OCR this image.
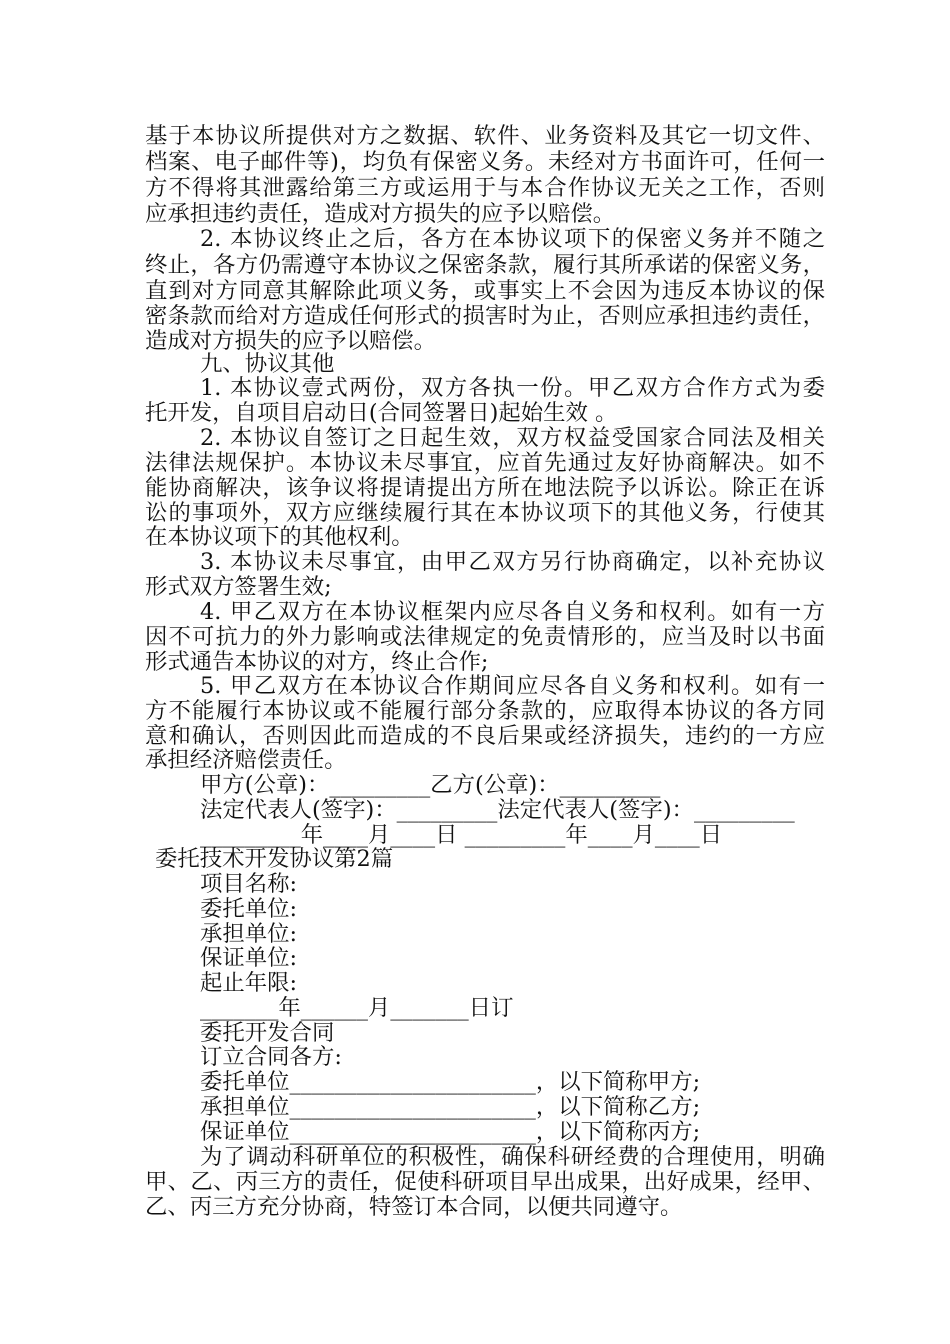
基于本协议所提供对方之数据、软件、业务资料及其它一切文件、
档案、电子邮件等)，均负有保密义务。未经对方书面许可，任何一
方不得将其泄露给第三方或运用于与本合作协议无关之工作，否则
应承担违约责任，造成对方损失的应予以赔偿。
2. 本协议终止之后，各方在本协议项下的保密义务并不随之
终止，各方仍需遵守本协议之保密条款，履行其所承诺的保密义务，
直到对方同意其解除此项义务，或事实上不会因为违反本协议的保
密条款而给对方造成任何形式的损害时为止，否则应承担违约责任，
造成对方损失的应予以赔偿。
九、协议其他
1. 本协议壹式两份，双方各执一份。甲乙双方合作方式为委
托开发，自项目启动日(合同签署日)起始生效 。
2. 本协议自签订之日起生效，双方权益受国家合同法及相关
法律法规保护。本协议未尽事宜，应首先通过友好协商解决。如不
能协商解决，该争议将提请提出方所在地法院予以诉讼。除正在诉
讼的事项外，双方应继续履行其在本协议项下的其他义务，行使其
在本协议项下的其他权利。
3. 本协议未尽事宜，由甲乙双方另行协商确定，以补充协议
形式双方签署生效;
4. 甲乙双方在本协议框架内应尽各自义务和权利。如有一方
因不可抗力的外力影响或法律规定的免责情形的，应当及时以书面
形式通告本协议的对方，终止合作;
5. 甲乙双方在本协议合作期间应尽各自义务和权利。如有一
方不能履行本协议或不能履行部分条款的，应取得本协议的各方同
意和确认，否则因此而造成的不良后果或经济损失，违约的一方应
承担经济赔偿责任。
甲方(公章)：_________乙方(公章)：_________
法定代表人(签字)：_________法定代表人(签字)：_________
_________年____月____日 _________年____月____日
委托技术开发协议第2篇
项目名称:
委托单位:
承担单位:
保证单位:
起止年限:
_______年______月_______日订
委托开发合同
订立合同各方:
委托单位______________________，以下简称甲方;
承担单位______________________，以下简称乙方;
保证单位______________________，以下简称丙方;
为了调动科研单位的积极性，确保科研经费的合理使用，明确
甲、乙、丙三方的责任，促使科研项目早出成果，出好成果，经甲、
乙、丙三方充分协商，特签订本合同，以便共同遵守。
